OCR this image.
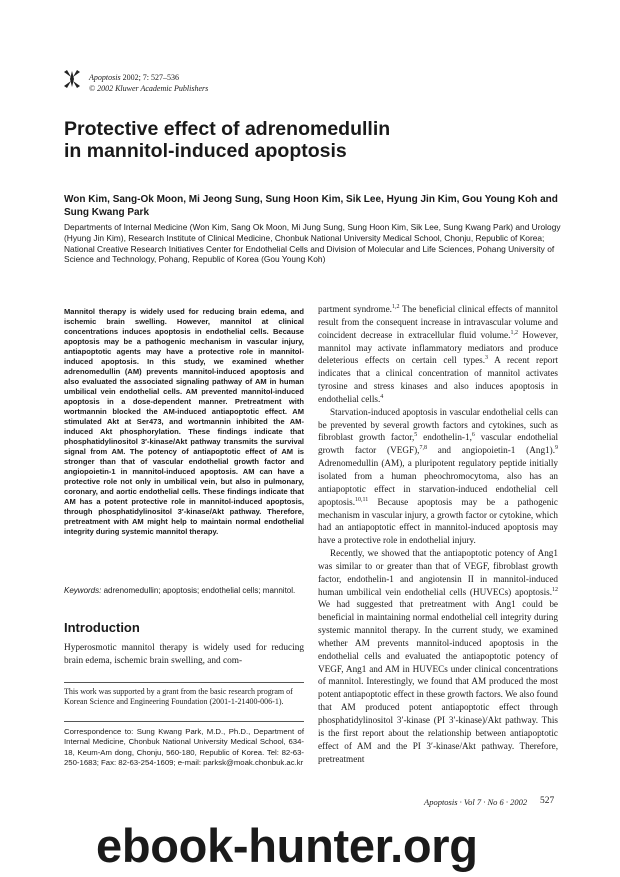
Apoptosis 2002; 7: 527–536
© 2002 Kluwer Academic Publishers
Protective effect of adrenomedullin
in mannitol-induced apoptosis
Won Kim, Sang-Ok Moon, Mi Jeong Sung, Sung Hoon Kim, Sik Lee, Hyung Jin Kim, Gou Young Koh and Sung Kwang Park
Departments of Internal Medicine (Won Kim, Sang Ok Moon, Mi Jung Sung, Sung Hoon Kim, Sik Lee, Sung Kwang Park) and Urology (Hyung Jin Kim), Research Institute of Clinical Medicine, Chonbuk National University Medical School, Chonju, Republic of Korea; National Creative Research Initiatives Center for Endothelial Cells and Division of Molecular and Life Sciences, Pohang University of Science and Technology, Pohang, Republic of Korea (Gou Young Koh)
Mannitol therapy is widely used for reducing brain edema, and ischemic brain swelling. However, mannitol at clinical concentrations induces apoptosis in endothelial cells. Because apoptosis may be a pathogenic mechanism in vascular injury, antiapoptotic agents may have a protective role in mannitol-induced apoptosis. In this study, we examined whether adrenomedullin (AM) prevents mannitol-induced apoptosis and also evaluated the associated signaling pathway of AM in human umbilical vein endothelial cells. AM prevented mannitol-induced apoptosis in a dose-dependent manner. Pretreatment with wortmannin blocked the AM-induced antiapoptotic effect. AM stimulated Akt at Ser473, and wortmannin inhibited the AM-induced Akt phosphorylation. These findings indicate that phosphatidylinositol 3′-kinase/Akt pathway transmits the survival signal from AM. The potency of antiapoptotic effect of AM is stronger than that of vascular endothelial growth factor and angiopoietin-1 in mannitol-induced apoptosis. AM can have a protective role not only in umbilical vein, but also in pulmonary, coronary, and aortic endothelial cells. These findings indicate that AM has a potent protective role in mannitol-induced apoptosis, through phosphatidylinositol 3′-kinase/Akt pathway. Therefore, pretreatment with AM might help to maintain normal endothelial integrity during systemic mannitol therapy.
Keywords: adrenomedullin; apoptosis; endothelial cells; mannitol.
Introduction
Hyperosmotic mannitol therapy is widely used for reducing brain edema, ischemic brain swelling, and com-
This work was supported by a grant from the basic research program of Korean Science and Engineering Foundation (2001-1-21400-006-1).
Correspondence to: Sung Kwang Park, M.D., Ph.D., Department of Internal Medicine, Chonbuk National University Medical School, 634-18, Keum-Am dong, Chonju, 560-180, Republic of Korea. Tel: 82-63-250-1683; Fax: 82-63-254-1609; e-mail: parksk@moak.chonbuk.ac.kr

partment syndrome.$^{1,2}$ The beneficial clinical effects of mannitol result from the consequent increase in intravascular volume and coincident decrease in extracellular fluid volume.$^{1,2}$ However, mannitol may activate inflammatory mediators and produce deleterious effects on certain cell types.$^3$ A recent report indicates that a clinical concentration of mannitol activates tyrosine and stress kinases and also induces apoptosis in endothelial cells.$^4$

Starvation-induced apoptosis in vascular endothelial cells can be prevented by several growth factors and cytokines, such as fibroblast growth factor,$^5$ endothelin-1,$^6$ vascular endothelial growth factor (VEGF),$^{7,8}$ and angiopoietin-1 (Ang1).$^9$ Adrenomedullin (AM), a pluripotent regulatory peptide initially isolated from a human pheochromocytoma, also has an antiapoptotic effect in starvation-induced endothelial cell apoptosis.$^{10,11}$ Because apoptosis may be a pathogenic mechanism in vascular injury, a growth factor or cytokine, which had an antiapoptotic effect in mannitol-induced apoptosis may have a protective role in endothelial injury.

Recently, we showed that the antiapoptotic potency of Ang1 was similar to or greater than that of VEGF, fibroblast growth factor, endothelin-1 and angiotensin II in mannitol-induced human umbilical vein endothelial cells (HUVECs) apoptosis.$^{12}$ We had suggested that pretreatment with Ang1 could be beneficial in maintaining normal endothelial cell integrity during systemic mannitol therapy. In the current study, we examined whether AM prevents mannitol-induced apoptosis in the endothelial cells and evaluated the antiapoptotic potency of VEGF, Ang1 and AM in HUVECs under clinical concentrations of mannitol. Interestingly, we found that AM produced the most potent antiapoptotic effect in these growth factors. We also found that AM produced potent antiapoptotic effect through phosphatidylinositol 3′-kinase (PI 3′-kinase)/Akt pathway. This is the first report about the relationship between antiapoptotic effect of AM and the PI 3′-kinase/Akt pathway. Therefore, pretreatment

Apoptosis · Vol 7 · No 6 · 2002 527
ebook-hunter.org
